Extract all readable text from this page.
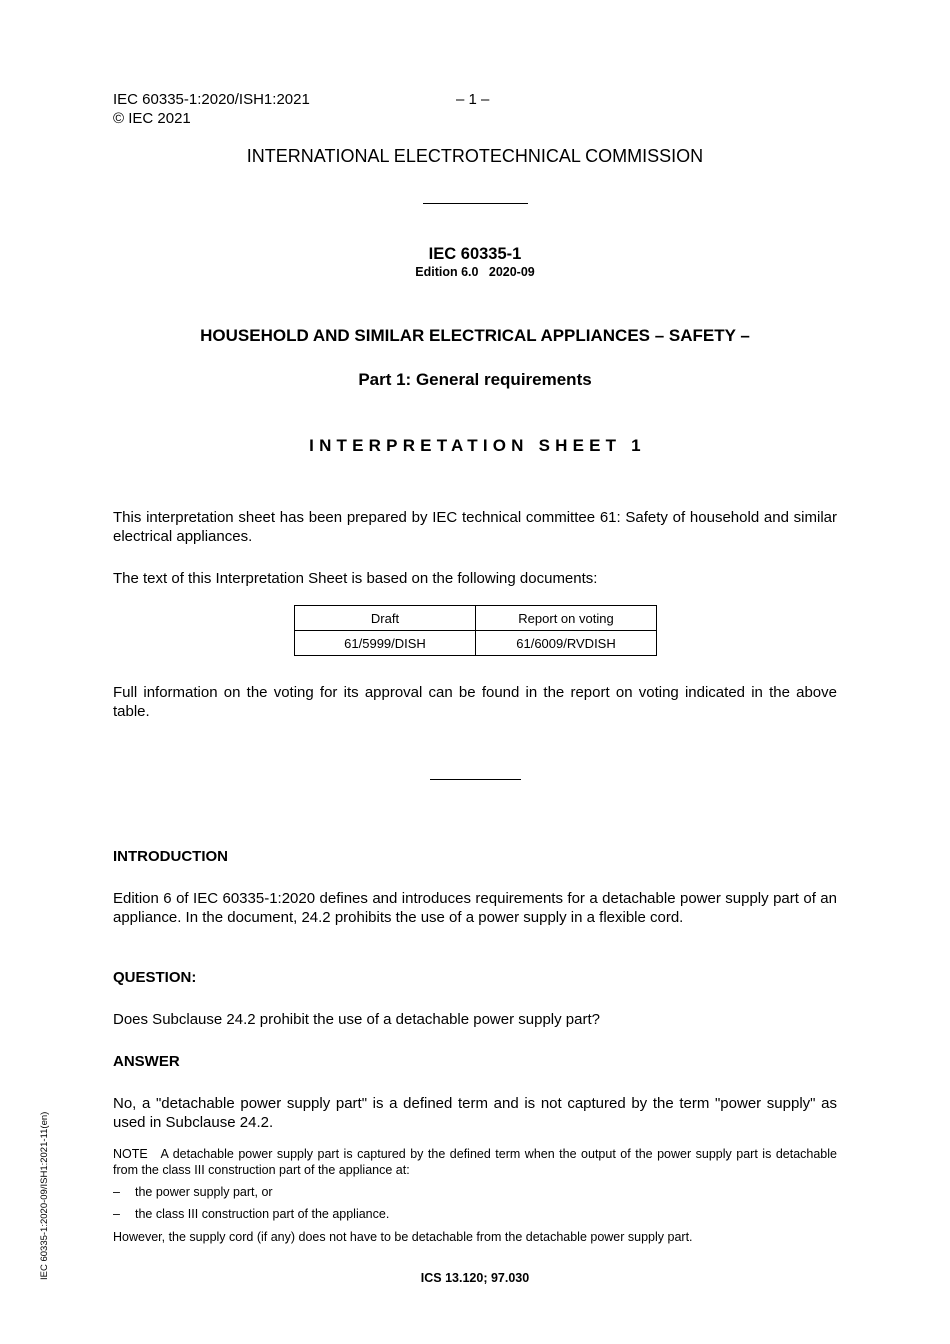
IEC 60335-1:2020/ISH1:2021	– 1 –
© IEC 2021
INTERNATIONAL ELECTROTECHNICAL COMMISSION
IEC 60335-1
Edition 6.0   2020-09
HOUSEHOLD AND SIMILAR ELECTRICAL APPLIANCES – SAFETY –
Part 1: General requirements
INTERPRETATION SHEET 1
This interpretation sheet has been prepared by IEC technical committee 61: Safety of household and similar electrical appliances.
The text of this Interpretation Sheet is based on the following documents:
Draft	Report on voting
61/5999/DISH	61/6009/RVDISH
Full information on the voting for its approval can be found in the report on voting indicated in the above table.
INTRODUCTION
Edition 6 of IEC 60335-1:2020 defines and introduces requirements for a detachable power supply part of an appliance. In the document, 24.2 prohibits the use of a power supply in a flexible cord.
QUESTION:
Does Subclause 24.2 prohibit the use of a detachable power supply part?
ANSWER
No, a "detachable power supply part" is a defined term and is not captured by the term "power supply" as used in Subclause 24.2.
NOTE A detachable power supply part is captured by the defined term when the output of the power supply part is detachable from the class III construction part of the appliance at:
– the power supply part, or
– the class III construction part of the appliance.
However, the supply cord (if any) does not have to be detachable from the detachable power supply part.
ICS 13.120; 97.030
IEC 60335-1:2020-09/ISH1:2021-11(en)
